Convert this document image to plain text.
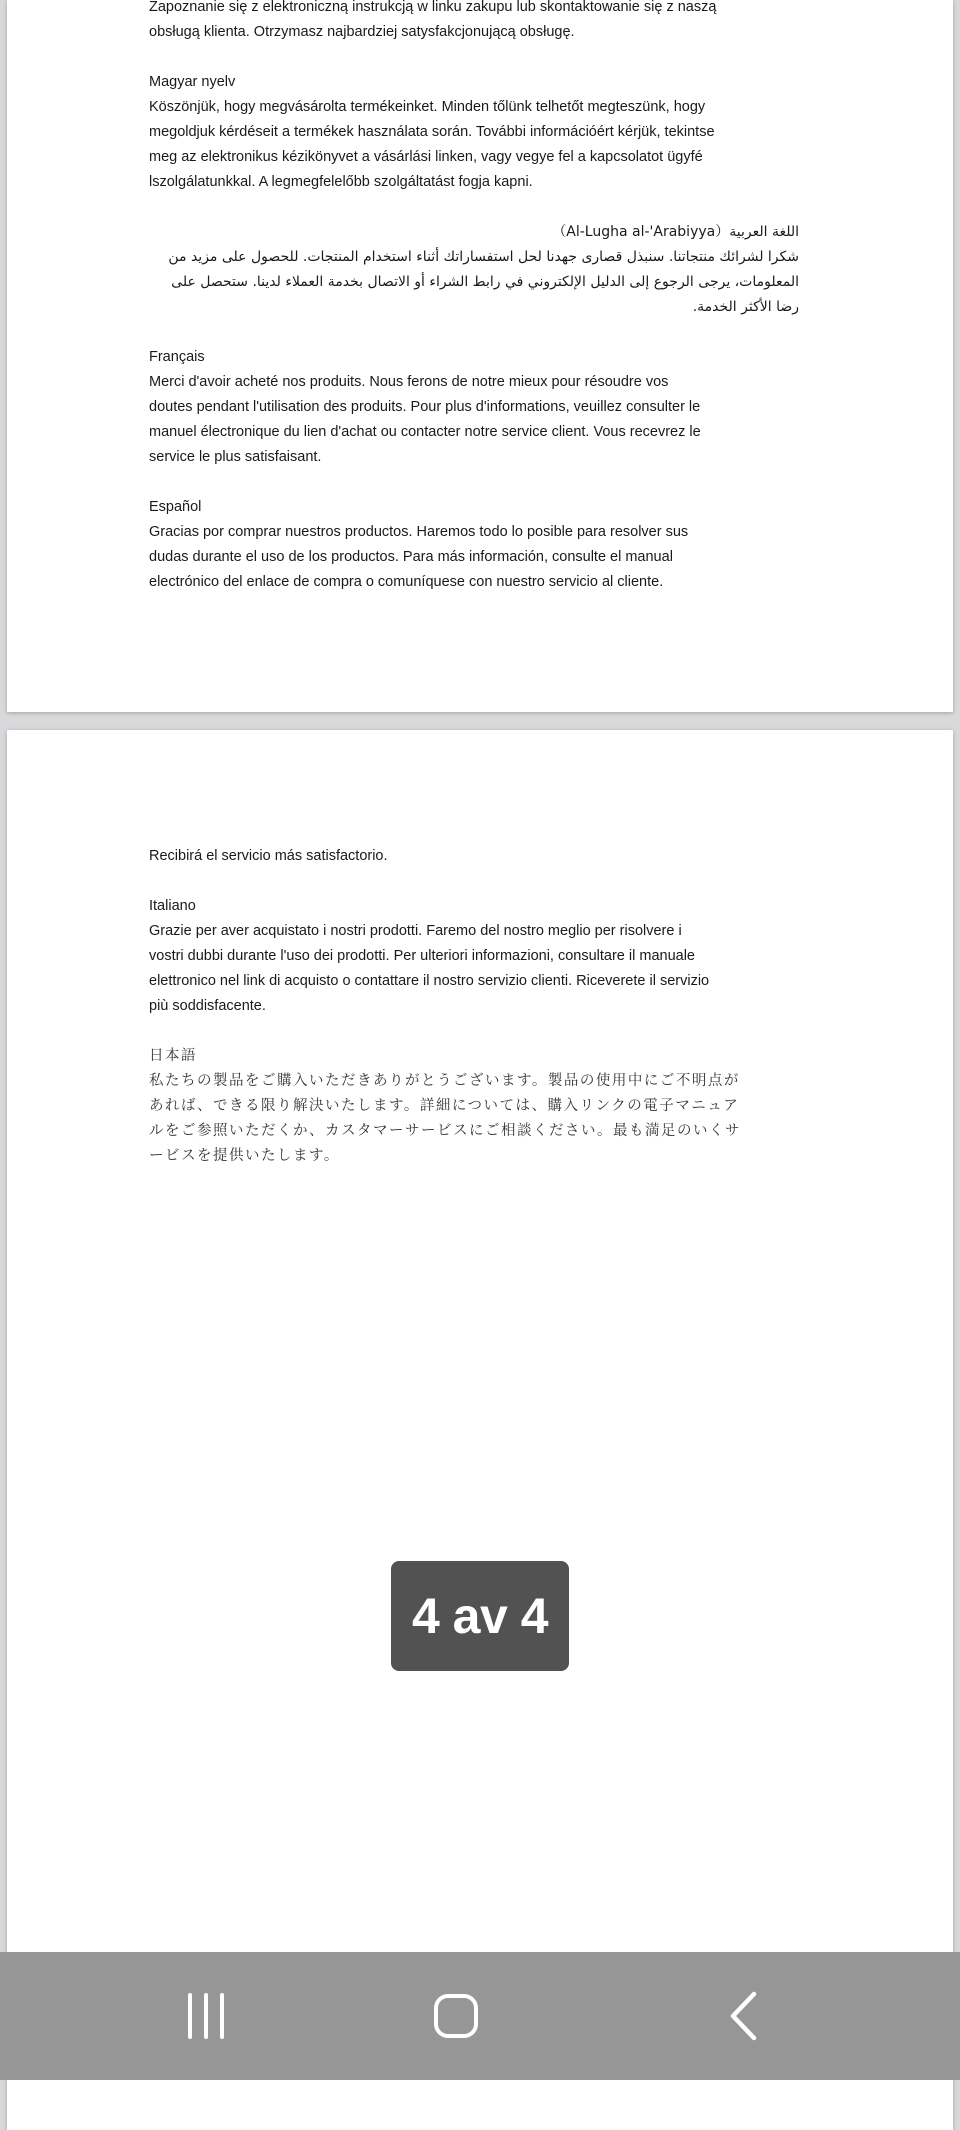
Zapoznanie się z elektroniczną instrukcją w linku zakupu lub skontaktowanie się z naszą
obsługą klienta. Otrzymasz najbardziej satysfakcjonującą obsługę.
Magyar nyelv
Köszönjük, hogy megvásárolta termékeinket. Minden tőlünk telhetőt megteszünk, hogy
megoldjuk kérdéseit a termékek használata során. További információért kérjük, tekintse
meg az elektronikus kézikönyvet a vásárlási linken, vagy vegye fel a kapcsolatot ügyfé
lszolgálatunkkal. A legmegfelelőbb szolgáltatást fogja kapni.
اللغة العربية（Al-Lugha al-'Arabiyya）
شكرا لشرائك منتجاتنا. سنبذل قصارى جهدنا لحل استفساراتك أثناء استخدام المنتجات. للحصول على مزيد من
المعلومات، يرجى الرجوع إلى الدليل الإلكتروني في رابط الشراء أو الاتصال بخدمة العملاء لدينا. ستحصل على
رضا الأكثر الخدمة.
Français
Merci d'avoir acheté nos produits. Nous ferons de notre mieux pour résoudre vos
doutes pendant l'utilisation des produits. Pour plus d'informations, veuillez consulter le
manuel électronique du lien d'achat ou contacter notre service client. Vous recevrez le
service le plus satisfaisant.
Español
Gracias por comprar nuestros productos. Haremos todo lo posible para resolver sus
dudas durante el uso de los productos. Para más información, consulte el manual
electrónico del enlace de compra o comuníquese con nuestro servicio al cliente.
Recibirá el servicio más satisfactorio.
Italiano
Grazie per aver acquistato i nostri prodotti. Faremo del nostro meglio per risolvere i
vostri dubbi durante l'uso dei prodotti. Per ulteriori informazioni, consultare il manuale
elettronico nel link di acquisto o contattare il nostro servizio clienti. Riceverete il servizio
più soddisfacente.
日本語
私たちの製品をご購入いただきありがとうございます。製品の使用中にご不明点が
あれば、できる限り解決いたします。詳細については、購入リンクの電子マニュア
ルをご参照いただくか、カスタマーサービスにご相談ください。最も満足のいくサ
ービスを提供いたします。
4 av 4
